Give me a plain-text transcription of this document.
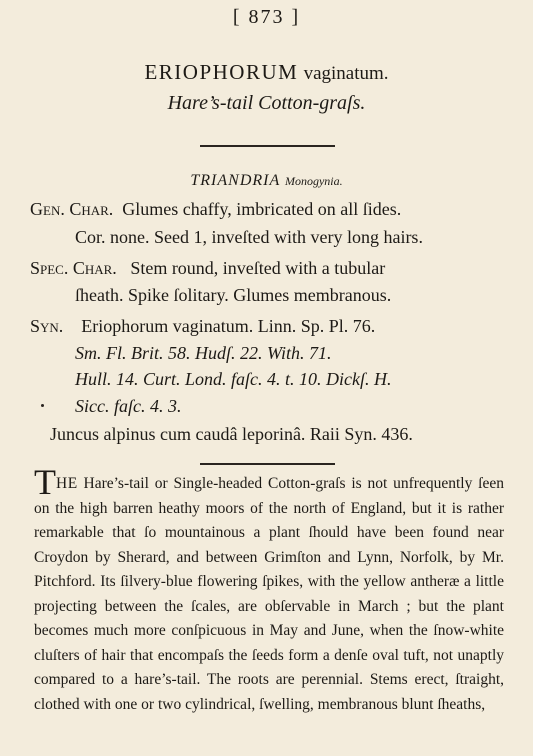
[ 873 ]
ERIOPHORUM vaginatum.
Hare’s-tail Cotton-graſs.
TRIANDRIA Monogynia.
Gen. Char. Glumes chaffy, imbricated on all ſides.
Cor. none. Seed 1, inveſted with very long hairs.
Spec. Char. Stem round, inveſted with a tubular
ſheath. Spike ſolitary. Glumes membranous.
Syn. Eriophorum vaginatum. Linn. Sp. Pl. 76.
Sm. Fl. Brit. 58. Hudſ. 22. With. 71.
Hull. 14. Curt. Lond. faſc. 4. t. 10. Dickſ. H.
Sicc. faſc. 4. 3.
Juncus alpinus cum caudâ leporinâ. Raii Syn. 436.

THE Hare’s-tail or Single-headed Cotton-graſs is not unfrequently ſeen on the high barren heathy moors of the north of England, but it is rather remarkable that ſo mountainous a plant ſhould have been found near Croydon by Sherard, and between Grimſton and Lynn, Norfolk, by Mr. Pitchford. Its ſilvery-blue flowering ſpikes, with the yellow antheræ a little projecting between the ſcales, are obſervable in March ; but the plant becomes much more conſpicuous in May and June, when the ſnow-white cluſters of hair that encompaſs the ſeeds form a denſe oval tuft, not unaptly compared to a hare’s-tail. The roots are perennial. Stems erect, ſtraight, clothed with one or two cylindrical, ſwelling, membranous blunt ſheaths,
